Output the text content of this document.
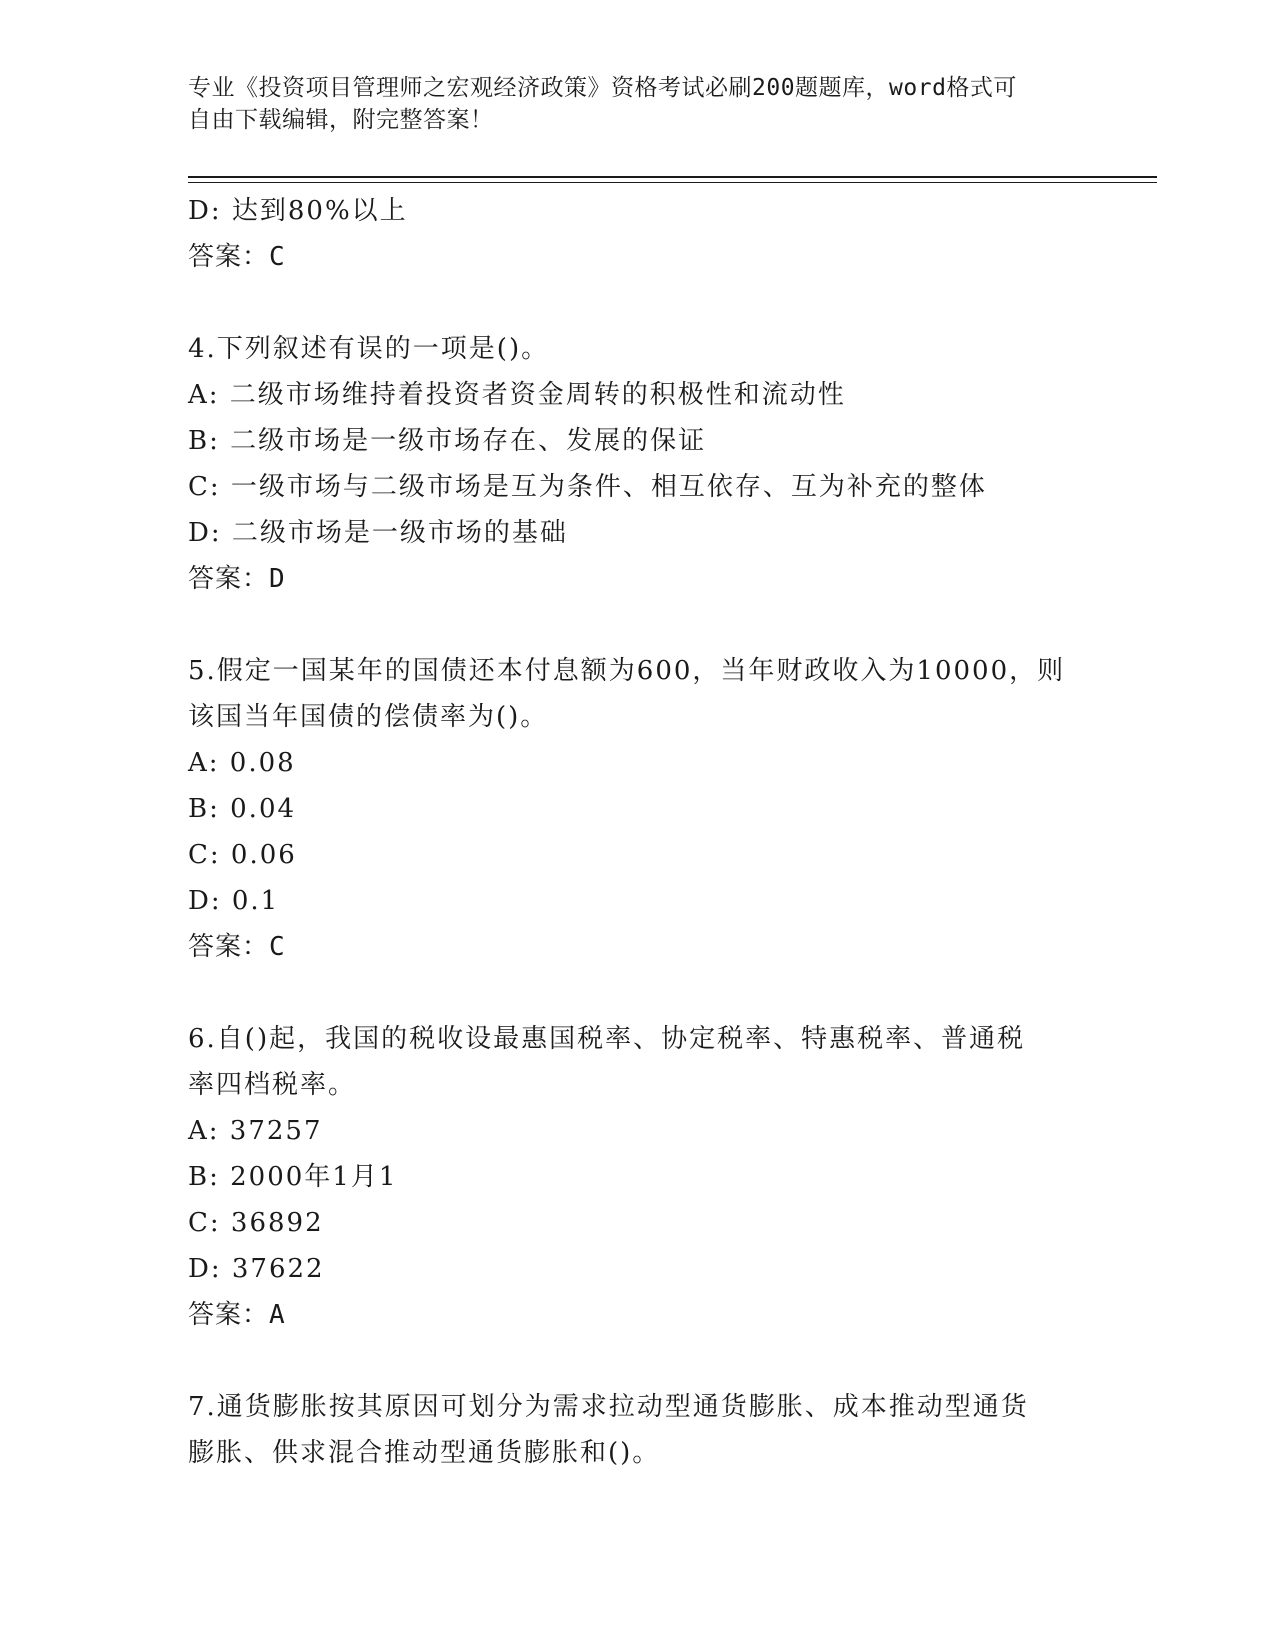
专业《投资项目管理师之宏观经济政策》资格考试必刷200题题库，word格式可
自由下载编辑，附完整答案！
D: 达到80%以上
答案：C
4.下列叙述有误的一项是()。
A: 二级市场维持着投资者资金周转的积极性和流动性
B: 二级市场是一级市场存在、发展的保证
C: 一级市场与二级市场是互为条件、相互依存、互为补充的整体
D: 二级市场是一级市场的基础
答案：D
5.假定一国某年的国债还本付息额为600，当年财政收入为10000，则
该国当年国债的偿债率为()。
A: 0.08
B: 0.04
C: 0.06
D: 0.1
答案：C
6.自()起，我国的税收设最惠国税率、协定税率、特惠税率、普通税
率四档税率。
A: 37257
B: 2000年1月1
C: 36892
D: 37622
答案：A
7.通货膨胀按其原因可划分为需求拉动型通货膨胀、成本推动型通货
膨胀、供求混合推动型通货膨胀和()。
